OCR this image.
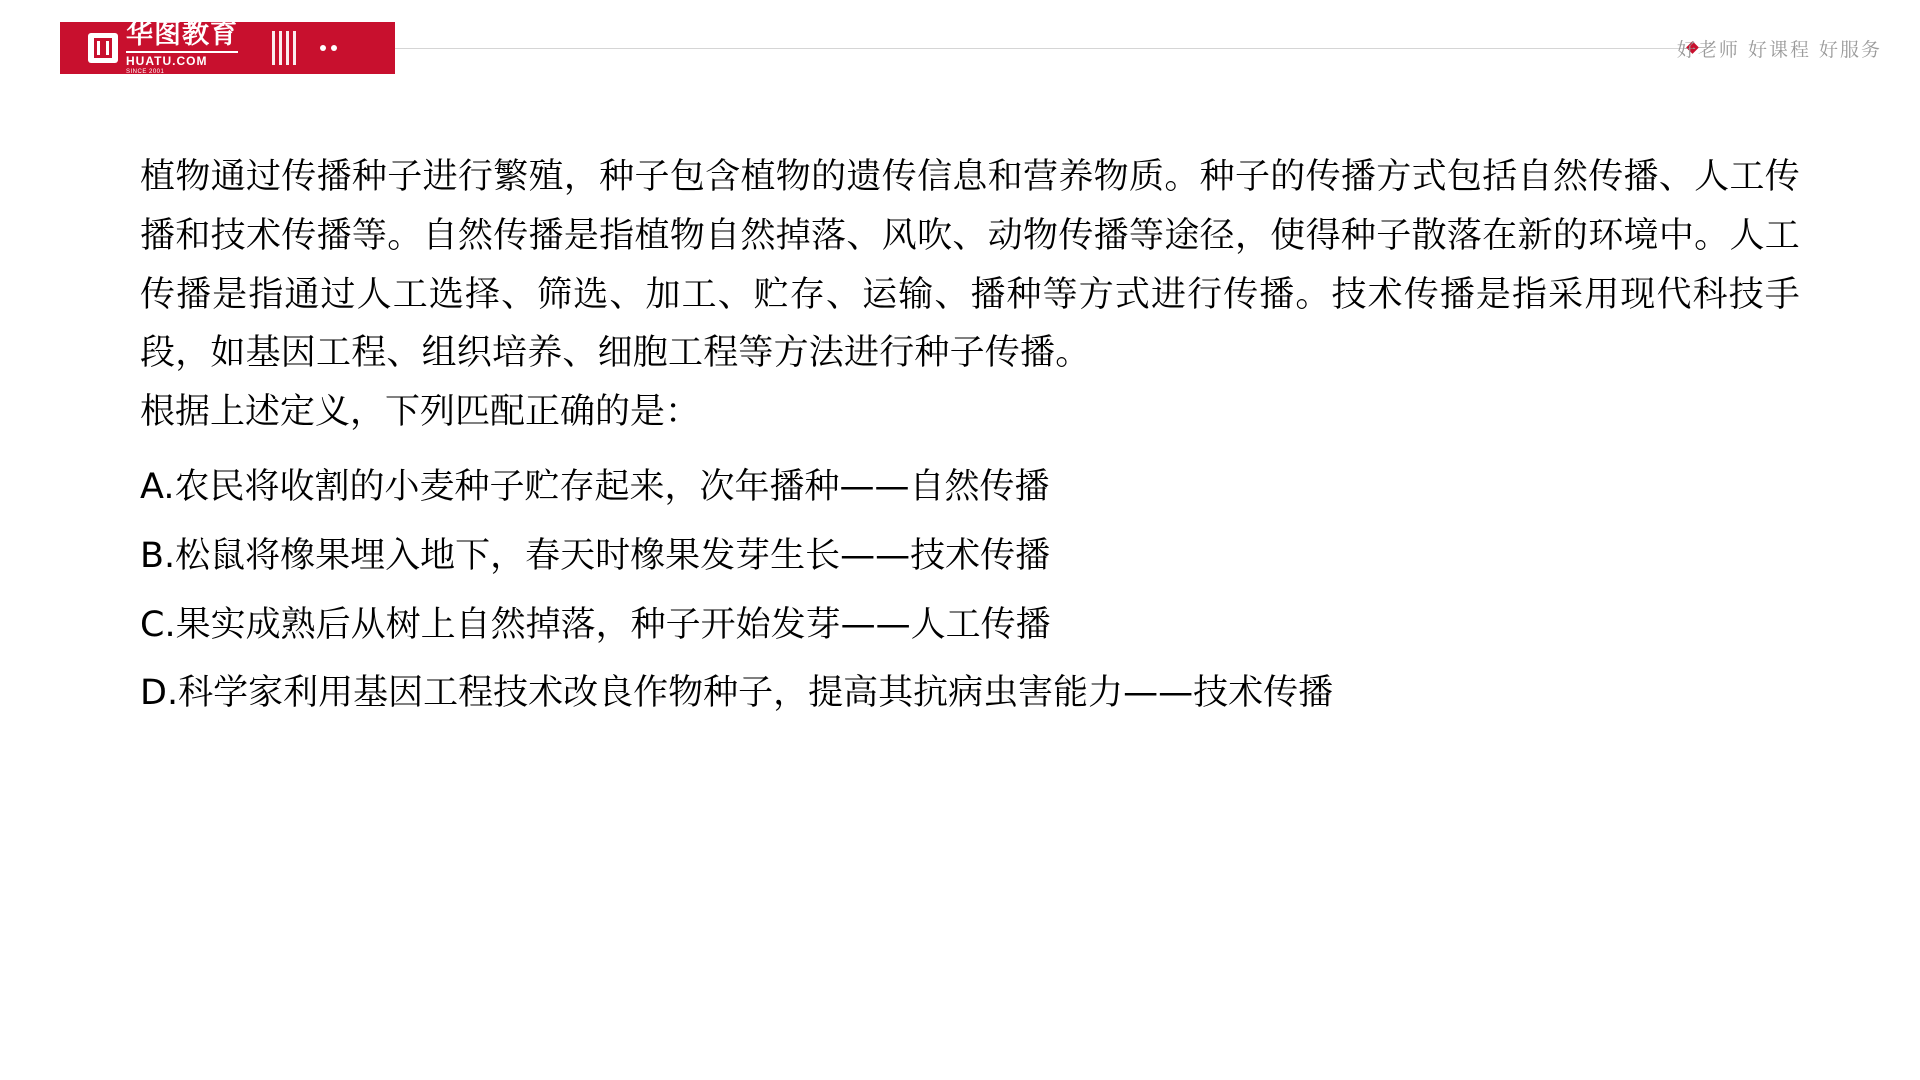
华图教育
HUATU.COM
SINCE 2001
好老师 好课程 好服务

植物通过传播种子进行繁殖，种子包含植物的遗传信息和营养物质。种子的传播方式包括自然传播、人工传播和技术传播等。自然传播是指植物自然掉落、风吹、动物传播等途径，使得种子散落在新的环境中。人工传播是指通过人工选择、筛选、加工、贮存、运输、播种等方式进行传播。技术传播是指采用现代科技手段，如基因工程、组织培养、细胞工程等方法进行种子传播。

根据上述定义，下列匹配正确的是：

A.农民将收割的小麦种子贮存起来，次年播种——自然传播

B.松鼠将橡果埋入地下，春天时橡果发芽生长——技术传播

C.果实成熟后从树上自然掉落，种子开始发芽——人工传播

D.科学家利用基因工程技术改良作物种子，提高其抗病虫害能力——技术传播
